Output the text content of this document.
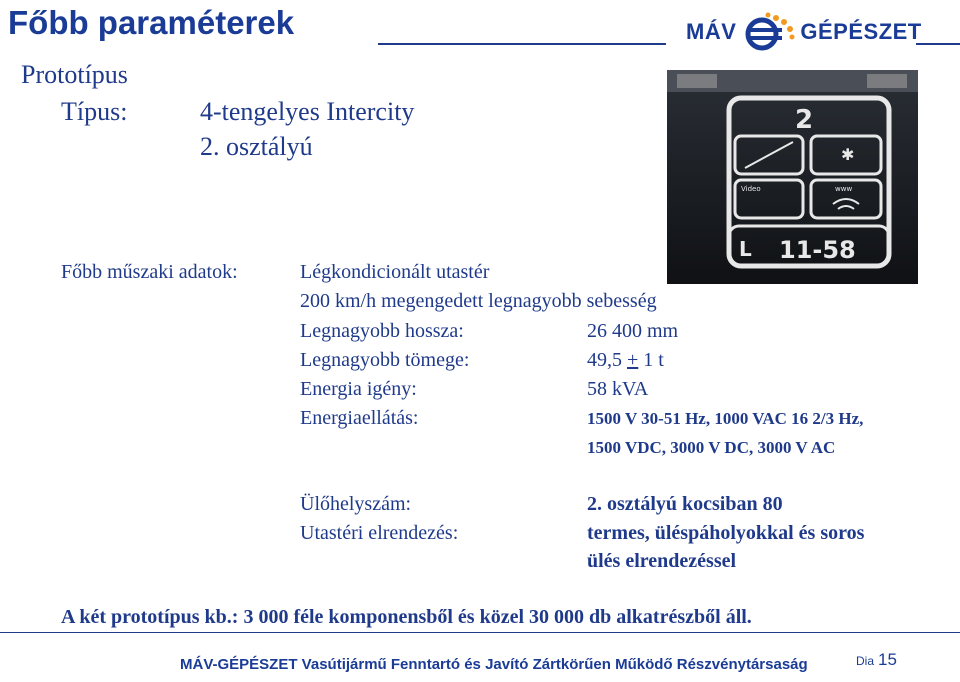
Főbb paraméterek	MÁV	GÉPÉSZET
Prototípus
Típus:	4-tengelyes Intercity
2. osztályú
2
✱
Video	www
L 11-58
Főbb műszaki adatok:	Légkondicionált utastér
200 km/h megengedett legnagyobb sebesség
Legnagyobb hossza:	26 400 mm
Legnagyobb tömege:	49,5 + 1 t
Energia igény:	58 kVA
Energiaellátás:	1500 V 30-51 Hz, 1000 VAC 16 2/3 Hz,
1500 VDC, 3000 V DC, 3000 V AC
Ülőhelyszám:	2. osztályú kocsiban 80
Utastéri elrendezés:	termes, üléspáholyokkal és soros
ülés elrendezéssel
A két prototípus kb.: 3 000 féle komponensből és közel 30 000 db alkatrészből áll.
MÁV-GÉPÉSZET Vasútijármű Fenntartó és Javító Zártkörűen Működő Részvénytársaság	Dia 15
